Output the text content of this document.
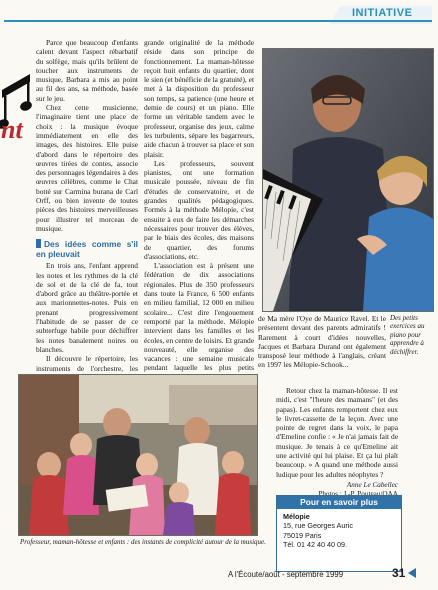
INITIATIVE
nt

Parce que beaucoup d'enfants calent devant l'aspect rébarbatif du solfège, mais qu'ils brûlent de toucher aux instruments de musique, Barbara a mis au point au fil des ans, sa méthode, basée sur le jeu.

Chez cette musicienne, l'imaginaire tient une place de choix : la musique évoque immédiatement en elle des images, des histoires. Elle puise d'abord dans le répertoire des œuvres tirées de contes, associe des personnages légendaires à des œuvres célèbres, comme le Chat botté sur Carmina burana de Carl Orff, ou bien invente de toutes pièces des histoires merveilleuses pour illustrer tel morceau de musique.

Des idées comme s'il en pleuvait

En trois ans, l'enfant apprend les notes et les rythmes de la clé de sol et de la clé de fa, tout d'abord grâce au théâtre-portée et aux marionnettes-notes. Puis en prenant progressivement l'habitude de se passer de ce subterfuge habile pour déchiffrer les notes banalement noires ou blanches.

Il découvre le répertoire, les instruments de l'orchestre, les

grande originalité de la méthode réside dans son principe de fonctionnement. La maman-hôtesse reçoit huit enfants du quartier, dont le sien (et bénéficie de la gratuité), et met à la disposition du professeur son temps, sa patience (une heure et demie de cours) et un piano. Elle forme un véritable tandem avec le professeur, organise des jeux, calme les turbulents, sépare les bagarreurs, aide chacun à trouver sa place et son plaisir.

Les professeurs, souvent pianistes, ont une formation musicale poussée, niveau de fin d'études de conservatoire, et de grandes qualités pédagogiques. Formés à la méthode Mélopie, c'est ensuite à eux de faire les démarches nécessaires pour trouver des élèves, par le biais des écoles, des maisons de quartier, des forums d'associations, etc.

L'association est à présent une fédération de dix associations régionales. Plus de 350 professeurs dans toute la France, 6 500 enfants en milieu familial, 12 000 en milieu scolaire... C'est dire l'engouement remporté par la méthode. Mélopie intervient dans les familles et les écoles, en centre de loisirs. Et grande nouveauté, elle organise des vacances : une semaine musicale pendant laquelle les plus petits

Des petits exercices au piano pour apprendre à déchiffrer.

de Ma mère l'Oye de Maurice Ravel. Et le présentent devant des parents admiratifs ! Rarement à court d'idées nouvelles, Jacques et Barbara Durand ont également transposé leur méthode à l'anglais, créant en 1997 les Mélopie-Schook...

Retour chez la maman-hôtesse. Il est midi, c'est "l'heure des mamans" (et des papas). Les enfants remportent chez eux le livret-cassette de la leçon. Avec une pointe de regret dans la voix, le papa d'Emeline confie : « Je n'ai jamais fait de musique. Je tenais à ce qu'Emeline ait une activité qui lui plaise. Et ça lui plaît beaucoup. » A quand une méthode aussi ludique pour les adultes néophytes ?

Anne Le Cabellec
Professeur, maman-hôtesse et enfants : des instants de complicité autour de la musique.
Pour en savoir plus
Mélopie
15, rue Georges Auric
75019 Paris
Tél. 01 42 40 40 09.
A l'Écoute/août - septembre 1999	31
